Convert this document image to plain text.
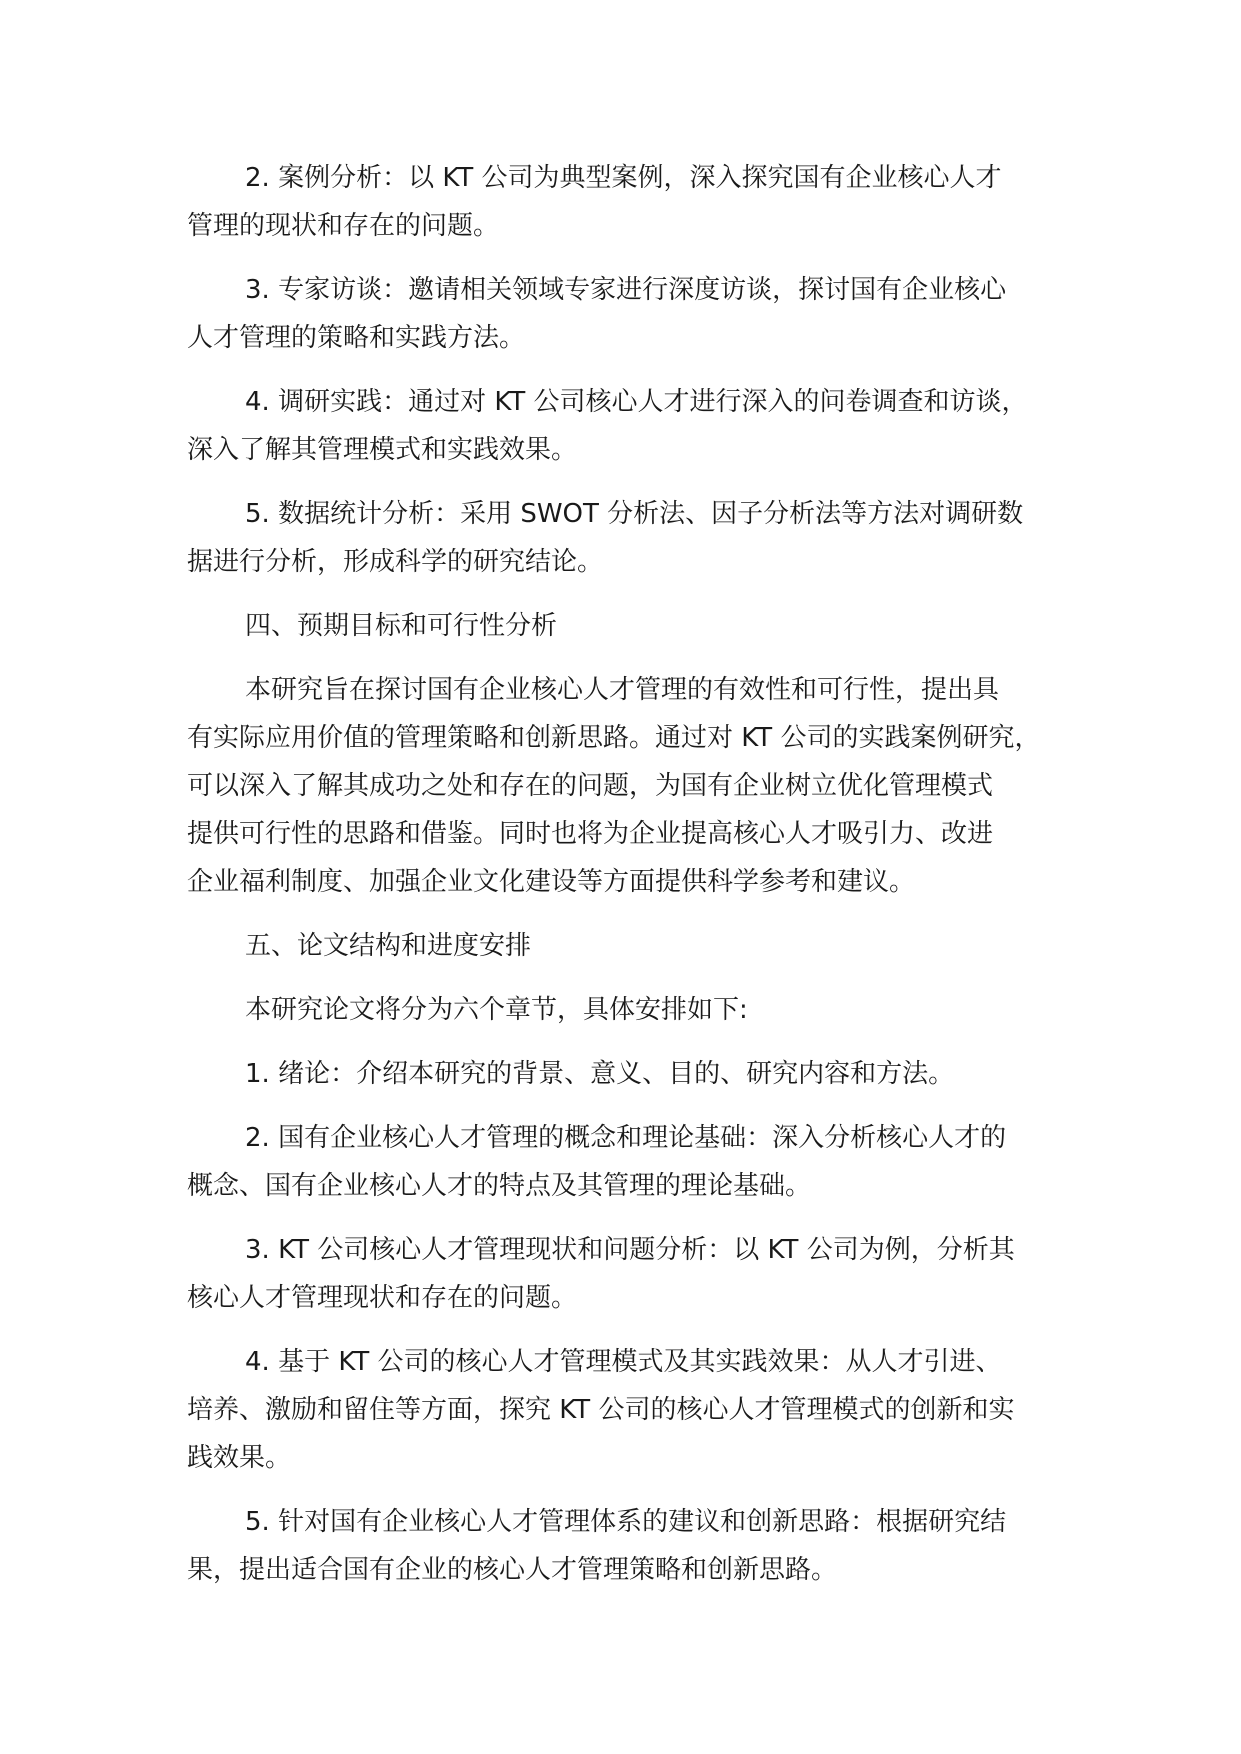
2. 案例分析：以 KT 公司为典型案例，深入探究国有企业核心人才
管理的现状和存在的问题。

3. 专家访谈：邀请相关领域专家进行深度访谈，探讨国有企业核心
人才管理的策略和实践方法。

4. 调研实践：通过对 KT 公司核心人才进行深入的问卷调查和访谈，
深入了解其管理模式和实践效果。

5. 数据统计分析：采用 SWOT 分析法、因子分析法等方法对调研数
据进行分析，形成科学的研究结论。

四、预期目标和可行性分析

本研究旨在探讨国有企业核心人才管理的有效性和可行性，提出具
有实际应用价值的管理策略和创新思路。通过对 KT 公司的实践案例研究，
可以深入了解其成功之处和存在的问题，为国有企业树立优化管理模式
提供可行性的思路和借鉴。同时也将为企业提高核心人才吸引力、改进
企业福利制度、加强企业文化建设等方面提供科学参考和建议。

五、论文结构和进度安排

本研究论文将分为六个章节，具体安排如下:

1. 绪论：介绍本研究的背景、意义、目的、研究内容和方法。

2. 国有企业核心人才管理的概念和理论基础：深入分析核心人才的
概念、国有企业核心人才的特点及其管理的理论基础。

3. KT 公司核心人才管理现状和问题分析：以 KT 公司为例，分析其
核心人才管理现状和存在的问题。

4. 基于 KT 公司的核心人才管理模式及其实践效果：从人才引进、
培养、激励和留住等方面，探究 KT 公司的核心人才管理模式的创新和实
践效果。

5. 针对国有企业核心人才管理体系的建议和创新思路：根据研究结
果，提出适合国有企业的核心人才管理策略和创新思路。
